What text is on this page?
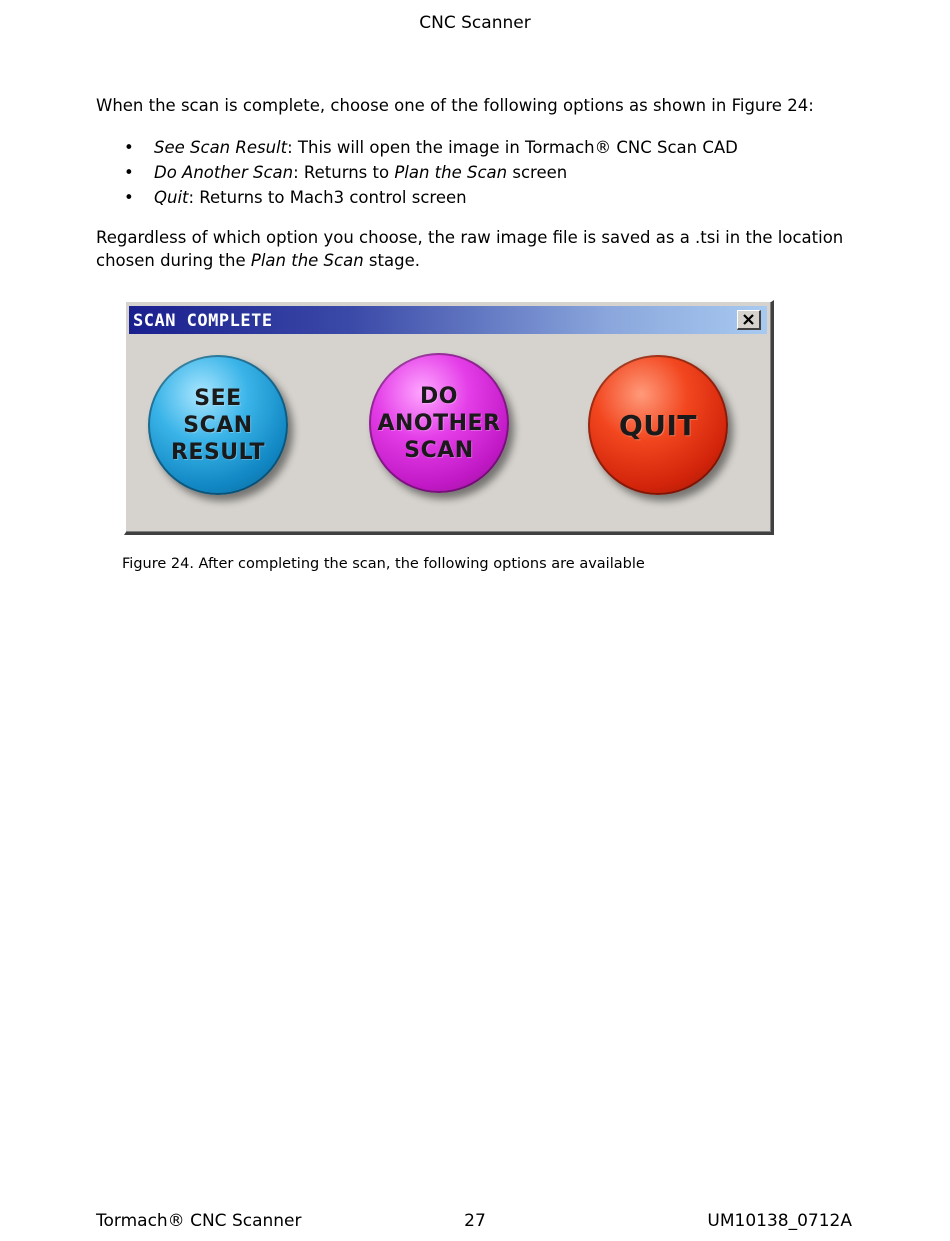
CNC Scanner
When the scan is complete, choose one of the following options as shown in Figure 24:
• See Scan Result: This will open the image in Tormach® CNC Scan CAD
• Do Another Scan: Returns to Plan the Scan screen
• Quit: Returns to Mach3 control screen
Regardless of which option you choose, the raw image file is saved as a .tsi in the location chosen during the Plan the Scan stage.
SCAN COMPLETE
SEE
SCAN
RESULT
DO
ANOTHER
SCAN
QUIT
Figure 24. After completing the scan, the following options are available
Tormach® CNC Scanner	27	UM10138_0712A
